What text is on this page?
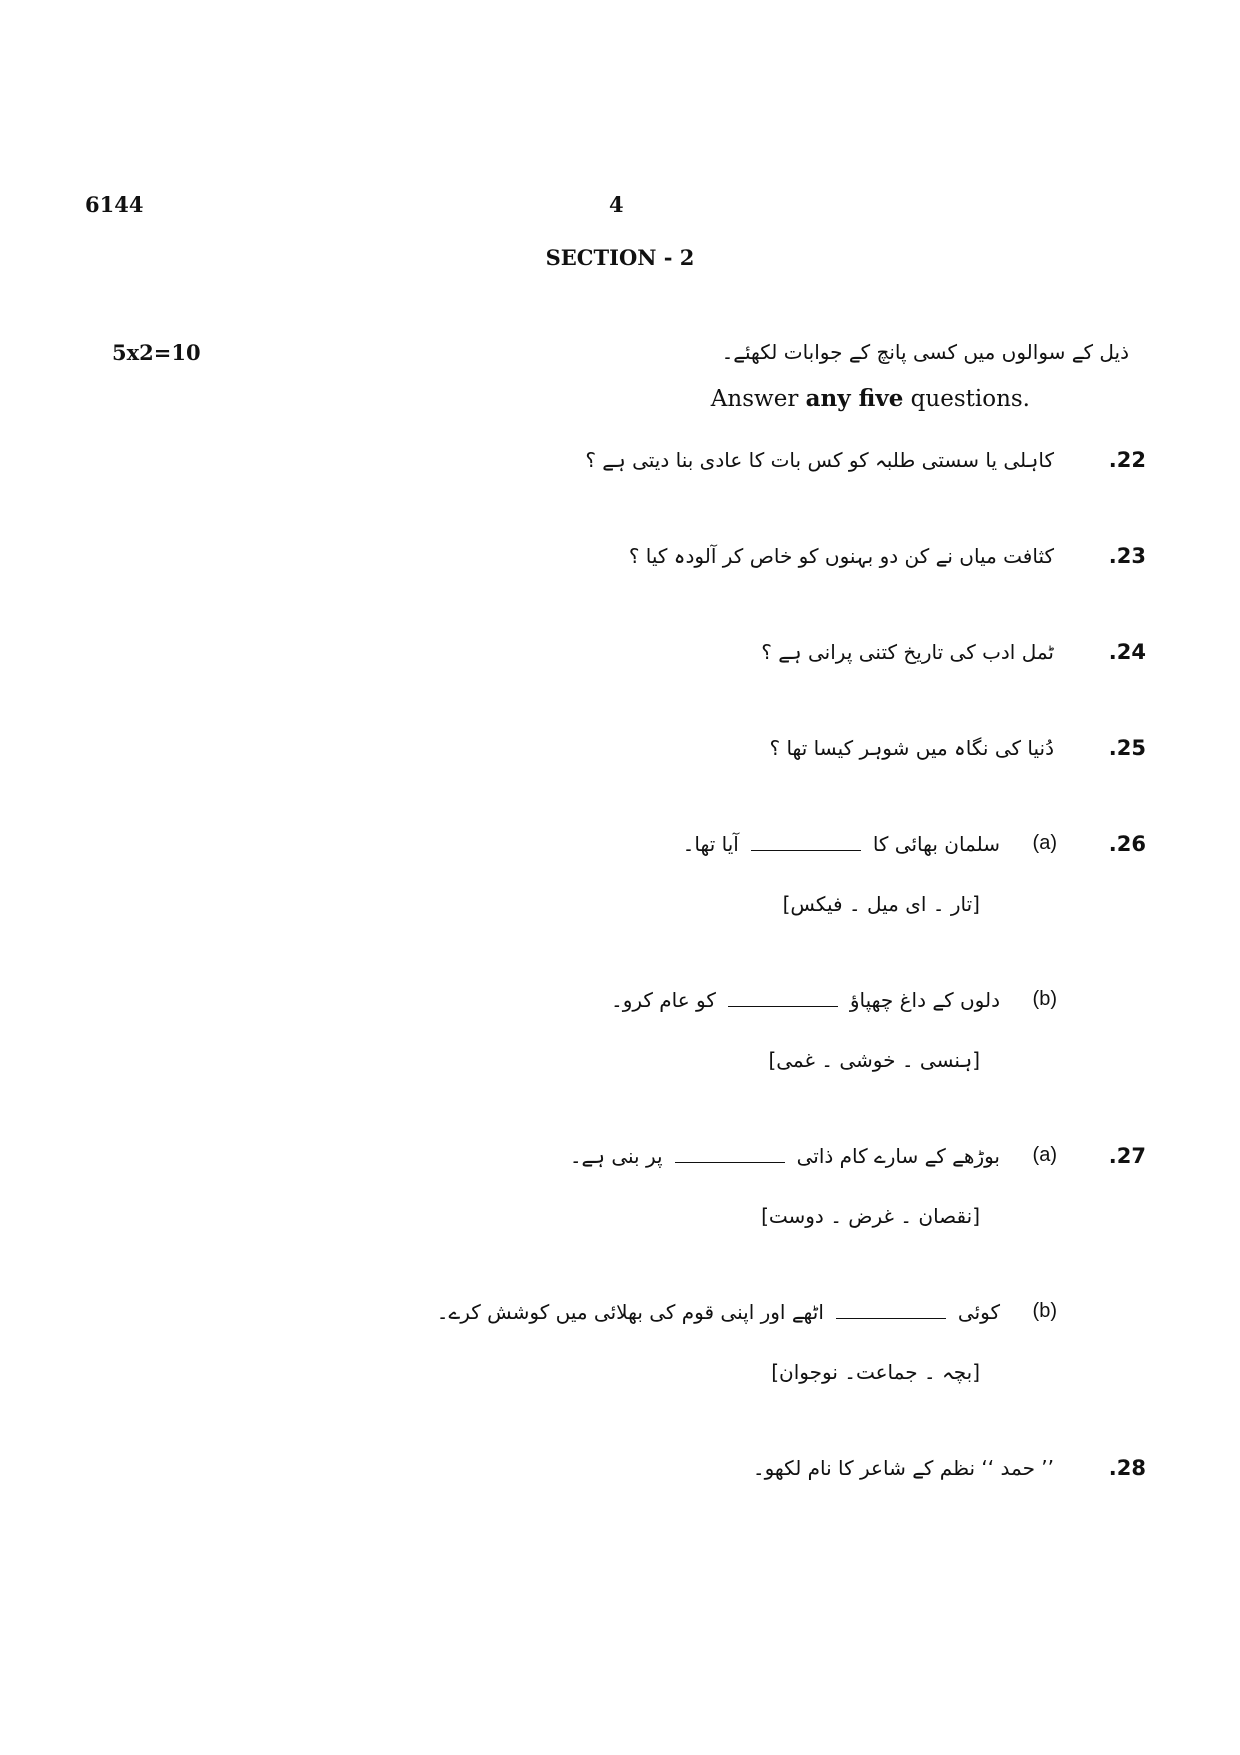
6144	4
SECTION - 2
5x2=10	ذیل کے سوالوں میں کسی پانچ کے جوابات لکھئے۔
Answer any five questions.
.22
کاہلی یا سستی طلبہ کو کس بات کا عادی بنا دیتی ہے ؟
.23
کثافت میاں نے کن دو بہنوں کو خاص کر آلودہ کیا ؟
.24
ٹمل ادب کی تاریخ کتنی پرانی ہے ؟
.25
دُنیا کی نگاہ میں شوہر کیسا تھا ؟
.26
(a)
سلمان بھائی کاآیا تھا۔
[تار ۔ ای میل ۔ فیکس]
(b)
دلوں کے داغ چھپاؤکو عام کرو۔
[ہنسی ۔ خوشی ۔ غمی]
.27
(a)
بوڑھے کے سارے کام ذاتیپر بنی ہے۔
[نقصان ۔ غرض ۔ دوست]
(b)
کوئیاٹھے اور اپنی قوم کی بھلائی میں کوشش کرے۔
[بچہ ۔ جماعت۔ نوجوان]
.28
’’ حمد ‘‘ نظم کے شاعر کا نام لکھو۔
